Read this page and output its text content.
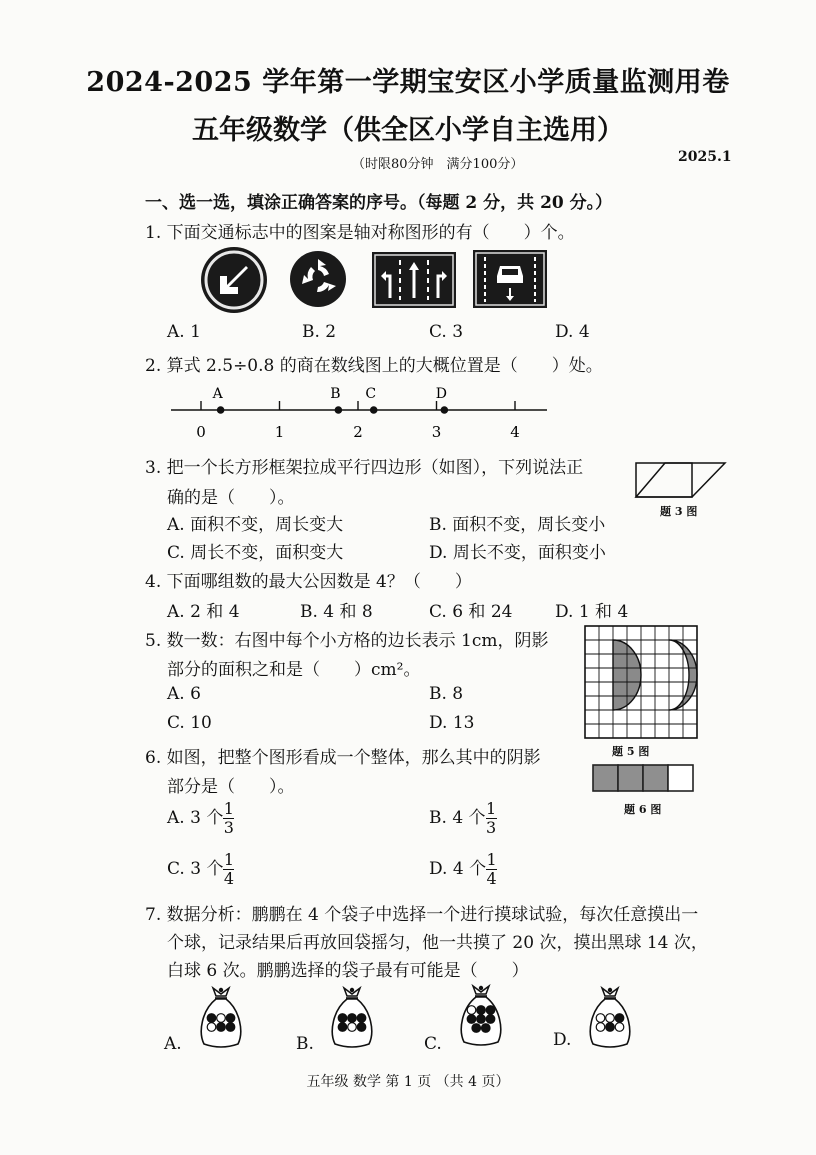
2024-2025 学年第一学期宝安区小学质量监测用卷
五年级数学（供全区小学自主选用）
（时限80分钟　满分100分）	2025.1
一、选一选，填涂正确答案的序号。（每题 2 分，共 20 分。）
1. 下面交通标志中的图案是轴对称图形的有（　　）个。
A. 1	B. 2	C. 3	D. 4
2. 算式 2.5÷0.8 的商在数线图上的大概位置是（　　）处。
0	1	2	3	4
A	B C	D
3. 把一个长方形框架拉成平行四边形（如图），下列说法正
确的是（　　）。
题 3 图
A. 面积不变，周长变大	B. 面积不变，周长变小
C. 周长不变，面积变大	D. 周长不变，面积变小
4. 下面哪组数的最大公因数是 4？（　　）
A. 2 和 4	B. 4 和 8	C. 6 和 24	D. 1 和 4
5. 数一数：右图中每个小方格的边长表示 1cm，阴影
部分的面积之和是（　　）cm²。
A. 6	B. 8
C. 10	D. 13
题 5 图
6. 如图，把整个图形看成一个整体，那么其中的阴影
部分是（　　）。
题 6 图
A. 3 个 $\frac{1}{3}$	B. 4 个 $\frac{1}{3}$
C. 3 个 $\frac{1}{4}$	D. 4 个 $\frac{1}{4}$
7. 数据分析：鹏鹏在 4 个袋子中选择一个进行摸球试验，每次任意摸出一
个球，记录结果后再放回袋摇匀，他一共摸了 20 次，摸出黑球 14 次，
白球 6 次。鹏鹏选择的袋子最有可能是（　　）
A.	B.	C.	D.
五年级 数学 第 1 页 （共 4 页）
